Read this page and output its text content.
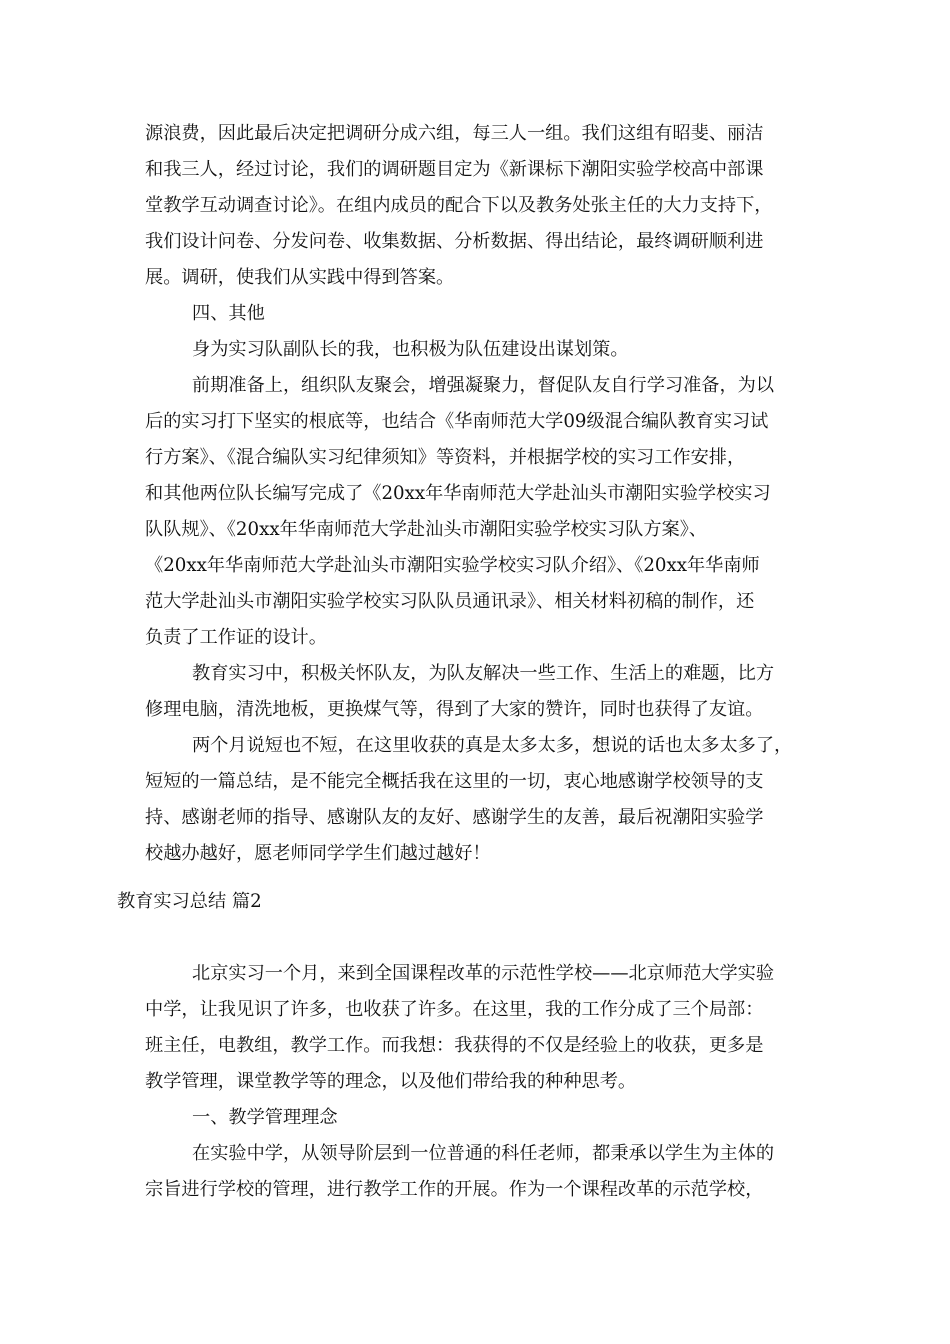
源浪费，因此最后决定把调研分成六组，每三人一组。我们这组有昭斐、丽洁
和我三人，经过讨论，我们的调研题目定为《新课标下潮阳实验学校高中部课
堂教学互动调查讨论》。在组内成员的配合下以及教务处张主任的大力支持下，
我们设计问卷、分发问卷、收集数据、分析数据、得出结论，最终调研顺利进
展。调研，使我们从实践中得到答案。
四、其他
身为实习队副队长的我，也积极为队伍建设出谋划策。
前期准备上，组织队友聚会，增强凝聚力，督促队友自行学习准备，为以
后的实习打下坚实的根底等，也结合《华南师范大学09级混合编队教育实习试
行方案》、《混合编队实习纪律须知》等资料，并根据学校的实习工作安排，
和其他两位队长编写完成了《20xx年华南师范大学赴汕头市潮阳实验学校实习
队队规》、《20xx年华南师范大学赴汕头市潮阳实验学校实习队方案》、
《20xx年华南师范大学赴汕头市潮阳实验学校实习队介绍》、《20xx年华南师
范大学赴汕头市潮阳实验学校实习队队员通讯录》、相关材料初稿的制作，还
负责了工作证的设计。
教育实习中，积极关怀队友，为队友解决一些工作、生活上的难题，比方
修理电脑，清洗地板，更换煤气等，得到了大家的赞许，同时也获得了友谊。
两个月说短也不短，在这里收获的真是太多太多，想说的话也太多太多了，
短短的一篇总结，是不能完全概括我在这里的一切，衷心地感谢学校领导的支
持、感谢老师的指导、感谢队友的友好、感谢学生的友善，最后祝潮阳实验学
校越办越好，愿老师同学学生们越过越好！
教育实习总结 篇2
北京实习一个月，来到全国课程改革的示范性学校——北京师范大学实验
中学，让我见识了许多，也收获了许多。在这里，我的工作分成了三个局部：
班主任，电教组，教学工作。而我想：我获得的不仅是经验上的收获，更多是
教学管理，课堂教学等的理念，以及他们带给我的种种思考。
一、教学管理理念
在实验中学，从领导阶层到一位普通的科任老师，都秉承以学生为主体的
宗旨进行学校的管理，进行教学工作的开展。作为一个课程改革的示范学校，
